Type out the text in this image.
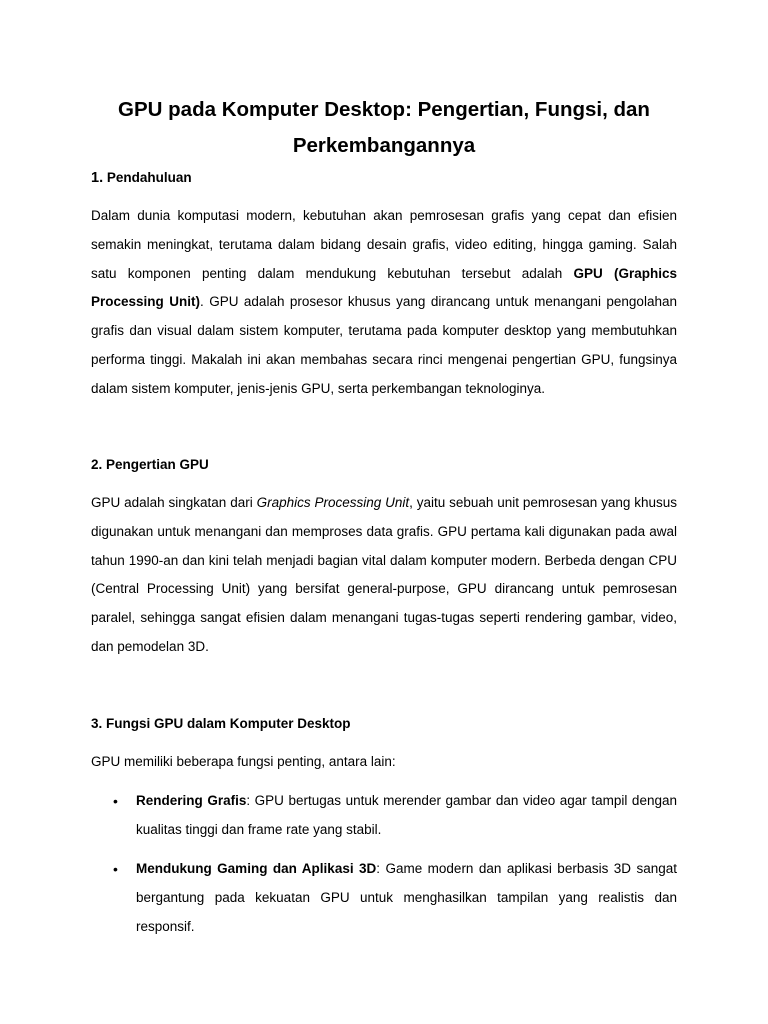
GPU pada Komputer Desktop: Pengertian, Fungsi, dan Perkembangannya
1. Pendahuluan

Dalam dunia komputasi modern, kebutuhan akan pemrosesan grafis yang cepat dan efisien semakin meningkat, terutama dalam bidang desain grafis, video editing, hingga gaming. Salah satu komponen penting dalam mendukung kebutuhan tersebut adalah GPU (Graphics Processing Unit). GPU adalah prosesor khusus yang dirancang untuk menangani pengolahan grafis dan visual dalam sistem komputer, terutama pada komputer desktop yang membutuhkan performa tinggi. Makalah ini akan membahas secara rinci mengenai pengertian GPU, fungsinya dalam sistem komputer, jenis-jenis GPU, serta perkembangan teknologinya.

2. Pengertian GPU

GPU adalah singkatan dari Graphics Processing Unit, yaitu sebuah unit pemrosesan yang khusus digunakan untuk menangani dan memproses data grafis. GPU pertama kali digunakan pada awal tahun 1990-an dan kini telah menjadi bagian vital dalam komputer modern. Berbeda dengan CPU (Central Processing Unit) yang bersifat general-purpose, GPU dirancang untuk pemrosesan paralel, sehingga sangat efisien dalam menangani tugas-tugas seperti rendering gambar, video, dan pemodelan 3D.

3. Fungsi GPU dalam Komputer Desktop

GPU memiliki beberapa fungsi penting, antara lain:

• Rendering Grafis: GPU bertugas untuk merender gambar dan video agar tampil dengan kualitas tinggi dan frame rate yang stabil.

• Mendukung Gaming dan Aplikasi 3D: Game modern dan aplikasi berbasis 3D sangat bergantung pada kekuatan GPU untuk menghasilkan tampilan yang realistis dan responsif.
